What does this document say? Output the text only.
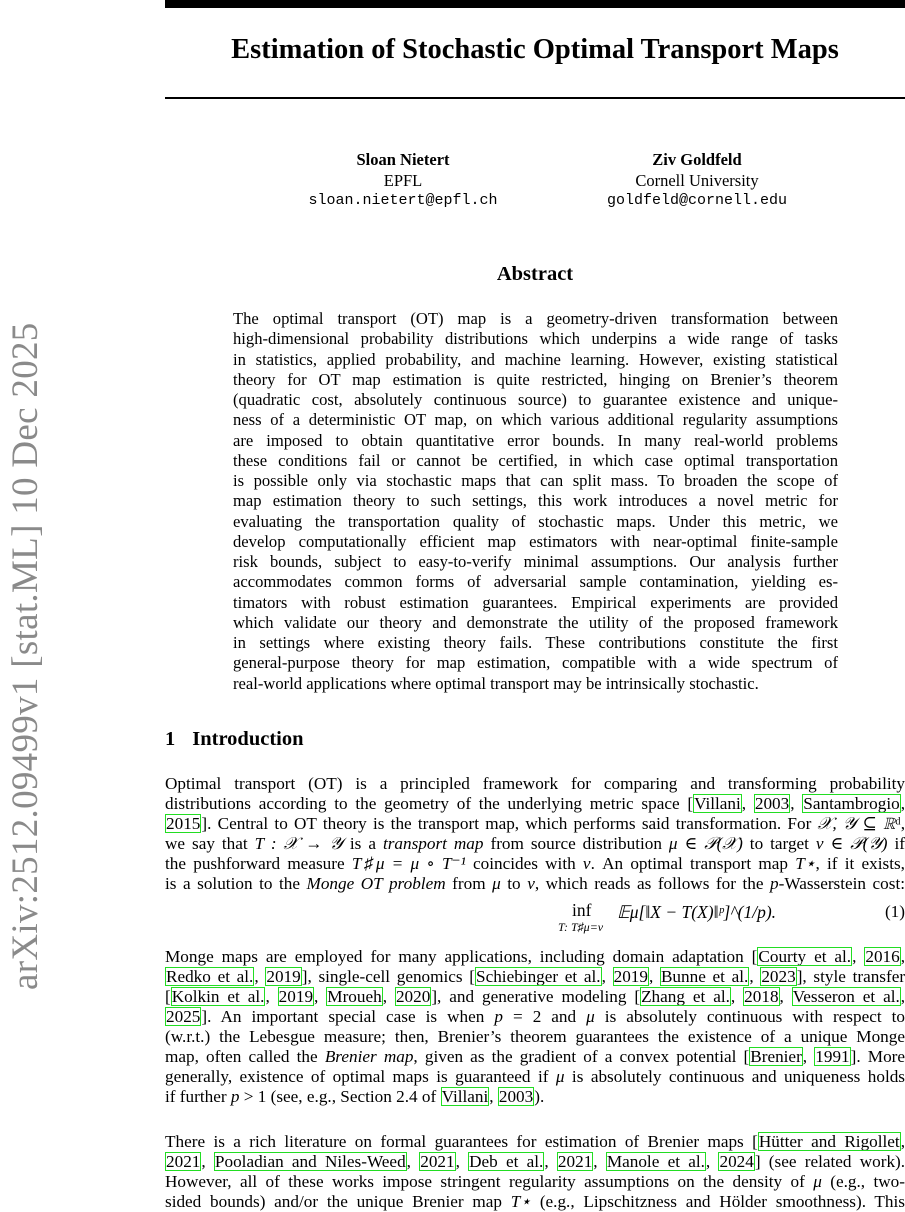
arXiv:2512.09499v1 [stat.ML] 10 Dec 2025
Estimation of Stochastic Optimal Transport Maps
Sloan Nietert
EPFL
sloan.nietert@epfl.ch
Ziv Goldfeld
Cornell University
goldfeld@cornell.edu
Abstract
The optimal transport (OT) map is a geometry-driven transformation between
high-dimensional probability distributions which underpins a wide range of tasks
in statistics, applied probability, and machine learning. However, existing statistical
theory for OT map estimation is quite restricted, hinging on Brenier’s theorem
(quadratic cost, absolutely continuous source) to guarantee existence and unique-
ness of a deterministic OT map, on which various additional regularity assumptions
are imposed to obtain quantitative error bounds. In many real-world problems
these conditions fail or cannot be certified, in which case optimal transportation
is possible only via stochastic maps that can split mass. To broaden the scope of
map estimation theory to such settings, this work introduces a novel metric for
evaluating the transportation quality of stochastic maps. Under this metric, we
develop computationally efficient map estimators with near-optimal finite-sample
risk bounds, subject to easy-to-verify minimal assumptions. Our analysis further
accommodates common forms of adversarial sample contamination, yielding es-
timators with robust estimation guarantees. Empirical experiments are provided
which validate our theory and demonstrate the utility of the proposed framework
in settings where existing theory fails. These contributions constitute the first
general-purpose theory for map estimation, compatible with a wide spectrum of
real-world applications where optimal transport may be intrinsically stochastic.
1 Introduction
Optimal transport (OT) is a principled framework for comparing and transforming probability
distributions according to the geometry of the underlying metric space [Villani, 2003, Santambrogio,
2015]. Central to OT theory is the transport map, which performs said transformation. For 𝒳, 𝒴 ⊆ ℝᵈ,
we say that T : 𝒳 → 𝒴 is a transport map from source distribution μ ∈ 𝒫(𝒳) to target ν ∈ 𝒫(𝒴) if
the pushforward measure T♯μ = μ ∘ T⁻¹ coincides with ν. An optimal transport map T⋆, if it exists,
is a solution to the Monge OT problem from μ to ν, which reads as follows for the p-Wasserstein cost:
inf
T: T♯μ=ν
𝔼μ[‖X − T(X)‖ᵖ]^(1/p).	(1)
Monge maps are employed for many applications, including domain adaptation [Courty et al., 2016,
Redko et al., 2019], single-cell genomics [Schiebinger et al., 2019, Bunne et al., 2023], style transfer
[Kolkin et al., 2019, Mroueh, 2020], and generative modeling [Zhang et al., 2018, Vesseron et al.,
2025]. An important special case is when p = 2 and μ is absolutely continuous with respect to
(w.r.t.) the Lebesgue measure; then, Brenier’s theorem guarantees the existence of a unique Monge
map, often called the Brenier map, given as the gradient of a convex potential [Brenier, 1991]. More
generally, existence of optimal maps is guaranteed if μ is absolutely continuous and uniqueness holds
if further p > 1 (see, e.g., Section 2.4 of Villani, 2003).
There is a rich literature on formal guarantees for estimation of Brenier maps [Hütter and Rigollet,
2021, Pooladian and Niles-Weed, 2021, Deb et al., 2021, Manole et al., 2024] (see related work).
However, all of these works impose stringent regularity assumptions on the density of μ (e.g., two-
sided bounds) and/or the unique Brenier map T⋆ (e.g., Lipschitzness and Hölder smoothness). This
